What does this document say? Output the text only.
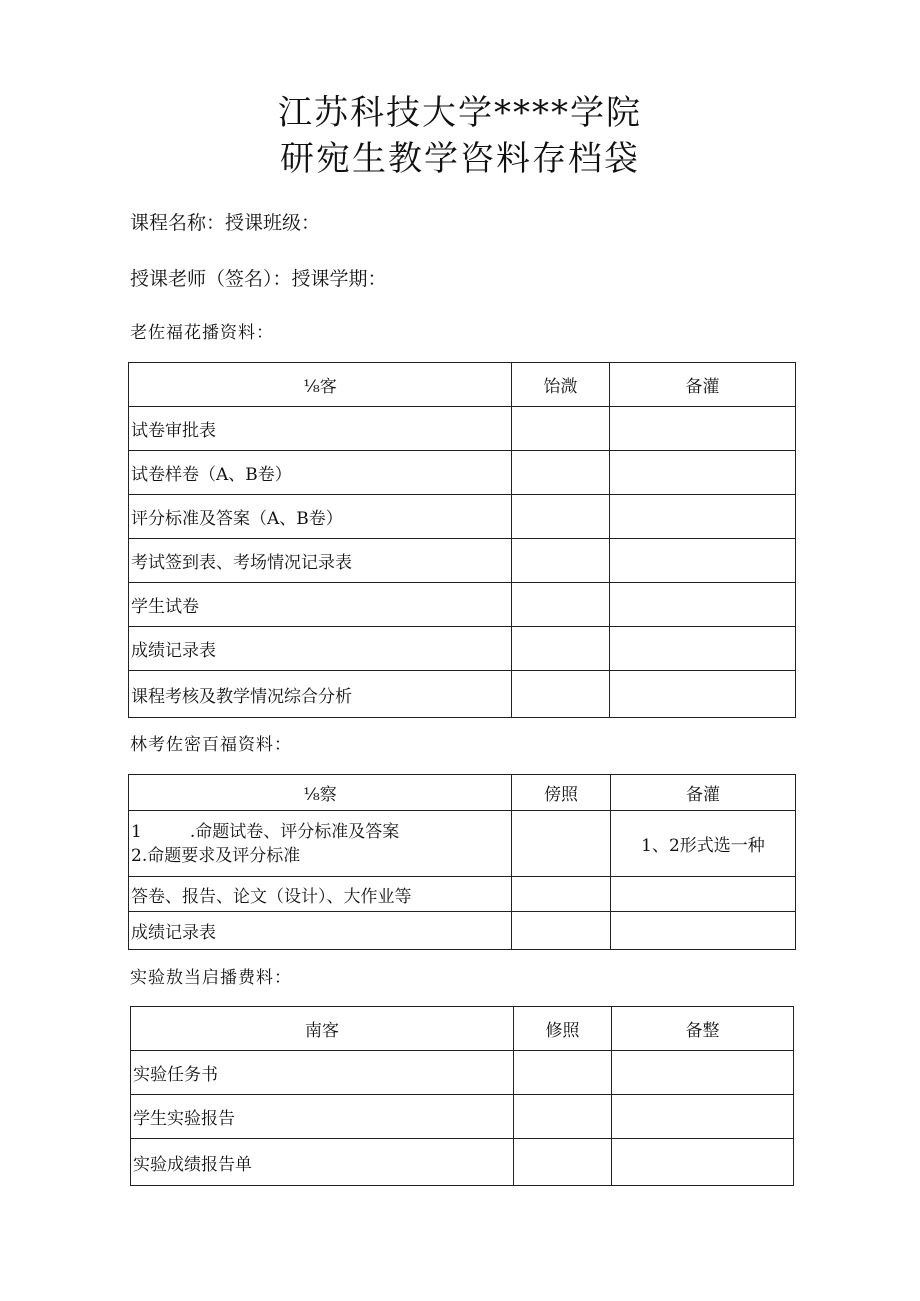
江苏科技大学****学院
研宛生教学咨料存档袋
课程名称：授课班级：
授课老师（签名）：授课学期：
老佐福花播资料：
⅛客	饴溦	备灌
试卷审批表		
试卷样卷（A、B卷）		
评分标准及答案（A、B卷）		
考试签到表、考场情况记录表		
学生试卷		
成绩记录表		
课程考核及教学情况综合分析		
林考佐密百福资料：
⅛察	傍照	备灌

1 .命题试卷、评分标准及答案
2.命题要求及评分标准		1、2形式选一种
答卷、报告、论文（设计）、大作业等		
成绩记录表		
实验敖当启播费料：
南客	修照	备整
实验任务书		
学生实验报告		
实验成绩报告单		
